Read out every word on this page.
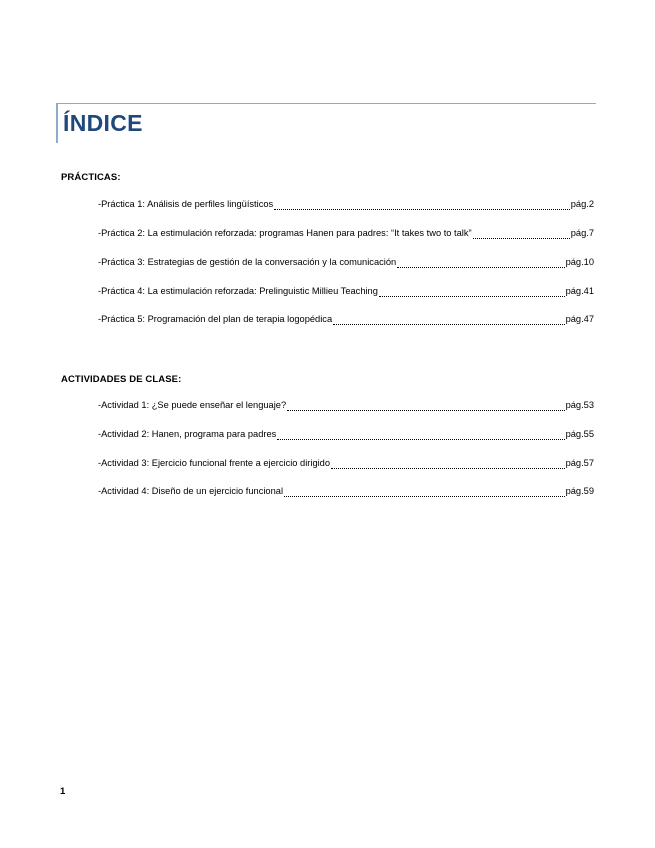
ÍNDICE
PRÁCTICAS:
-Práctica 1: Análisis de perfiles lingüísticos	pág.2
-Práctica 2: La estimulación reforzada: programas Hanen para padres: “It takes two to talk”	pág.7
-Práctica 3: Estrategias de gestión de la conversación y la comunicación	pág.10
-Práctica 4: La estimulación reforzada: Prelinguistic Millieu Teaching	pág.41
-Práctica 5: Programación del plan de terapia logopédica	pág.47
ACTIVIDADES DE CLASE:
-Actividad 1: ¿Se puede enseñar el lenguaje?	pág.53
-Actividad 2: Hanen, programa para padres	pág.55
-Actividad 3: Ejercicio funcional frente a ejercicio dirigido	pág.57
-Actividad 4: Diseño de un ejercicio funcional	pág.59
1
